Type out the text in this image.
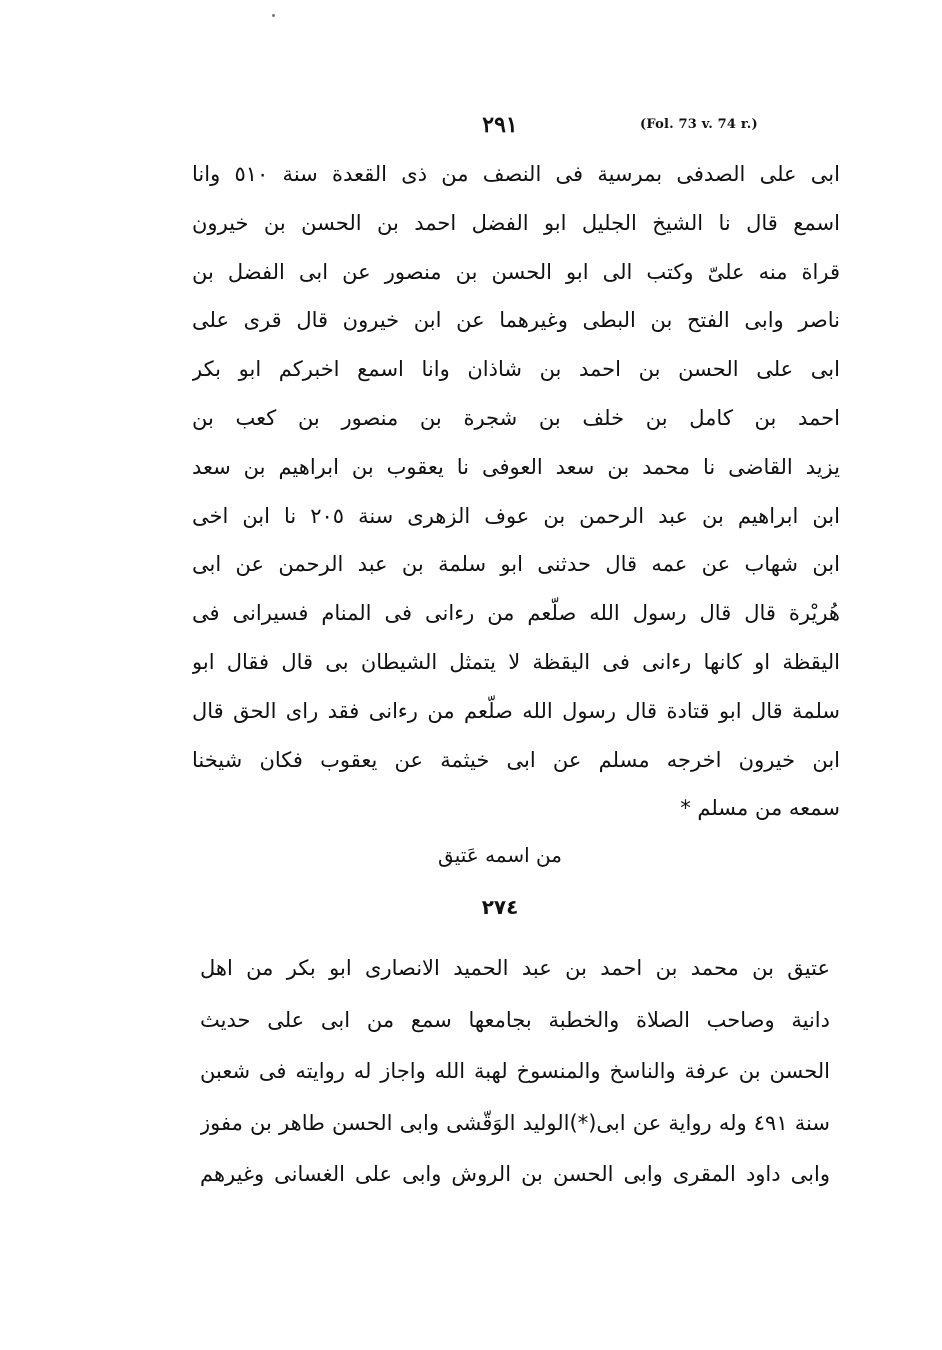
٢٩١	(Fol. 73 v. 74 r.)
ابى على الصدفى بمرسية فى النصف من ذى القعدة سنة ٥١٠ وانا
اسمع قال نا الشيخ الجليل ابو الفضل احمد بن الحسن بن خيرون
قراة منه علىّ وكتب الى ابو الحسن بن منصور عن ابى الفضل بن
ناصر وابى الفتح بن البطى وغيرهما عن ابن خيرون قال قرى على
ابى على الحسن بن احمد بن شاذان وانا اسمع اخبركم ابو بكر
احمد بن كامل بن خلف بن شجرة بن منصور بن كعب بن
يزيد القاضى نا محمد بن سعد العوفى نا يعقوب بن ابراهيم بن سعد
ابن ابراهيم بن عبد الرحمن بن عوف الزهرى سنة ٢٠٥ نا ابن اخى
ابن شهاب عن عمه قال حدثنى ابو سلمة بن عبد الرحمن عن ابى
هُريْرة قال قال رسول الله صلّعم من رءانى فى المنام فسيرانى فى
اليقظة او كانها رءانى فى اليقظة لا يتمثل الشيطان بى قال فقال ابو
سلمة قال ابو قتادة قال رسول الله صلّعم من رءانى فقد راى الحق قال
ابن خيرون اخرجه مسلم عن ابى خيثمة عن يعقوب فكان شيخنا
سمعه من مسلم *
من اسمه عَتيق
٢٧٤
عتيق بن محمد بن احمد بن عبد الحميد الانصارى ابو بكر من اهل
دانية وصاحب الصلاة والخطبة بجامعها سمع من ابى على حديث
الحسن بن عرفة والناسخ والمنسوخ لهبة الله واجاز له روايته فى شعبن
سنة ٤٩١ وله رواية عن ابى(*)الوليد الوَقّشى وابى الحسن طاهر بن مفوز
وابى داود المقرى وابى الحسن بن الروش وابى على الغسانى وغيرهم
